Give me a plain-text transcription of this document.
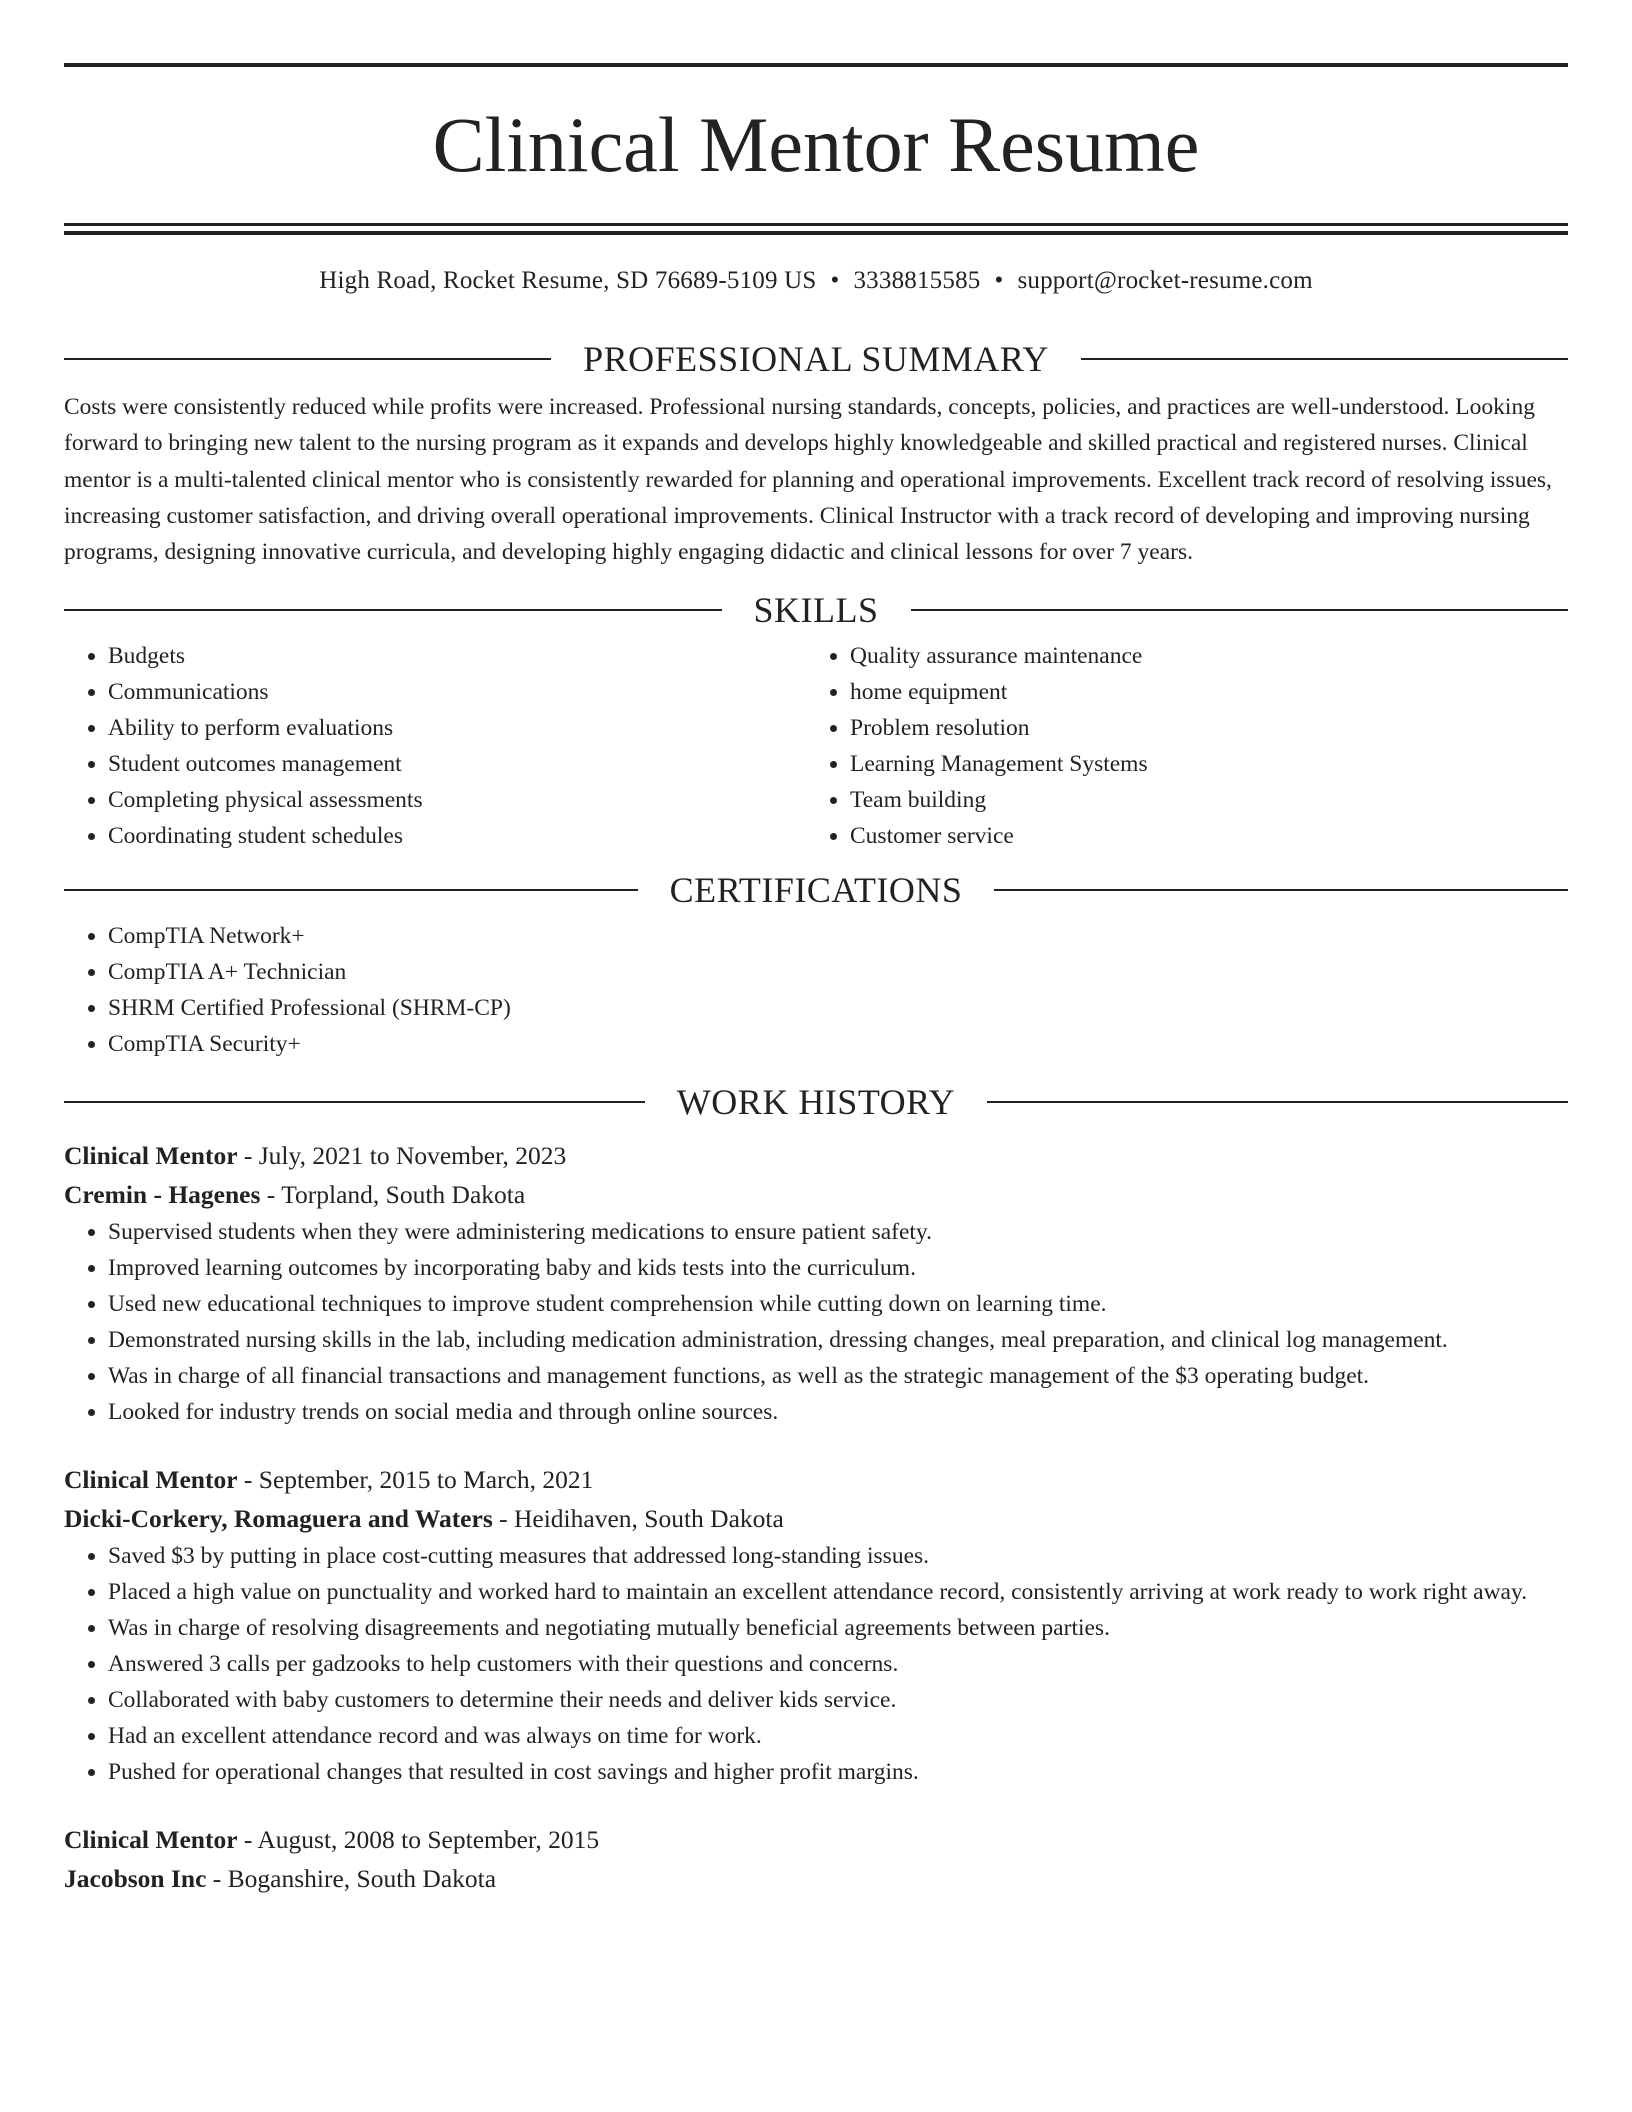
Clinical Mentor Resume
High Road, Rocket Resume, SD 76689-5109 US • 3338815585 • support@rocket-resume.com
PROFESSIONAL SUMMARY
Costs were consistently reduced while profits were increased. Professional nursing standards, concepts, policies, and practices are well-understood. Looking forward to bringing new talent to the nursing program as it expands and develops highly knowledgeable and skilled practical and registered nurses. Clinical mentor is a multi-talented clinical mentor who is consistently rewarded for planning and operational improvements. Excellent track record of resolving issues, increasing customer satisfaction, and driving overall operational improvements. Clinical Instructor with a track record of developing and improving nursing programs, designing innovative curricula, and developing highly engaging didactic and clinical lessons for over 7 years.
SKILLS
• Budgets
• Communications
• Ability to perform evaluations
• Student outcomes management
• Completing physical assessments
• Coordinating student schedules
• Quality assurance maintenance
• home equipment
• Problem resolution
• Learning Management Systems
• Team building
• Customer service
CERTIFICATIONS
• CompTIA Network+
• CompTIA A+ Technician
• SHRM Certified Professional (SHRM-CP)
• CompTIA Security+
WORK HISTORY
Clinical Mentor - July, 2021 to November, 2023
Cremin - Hagenes - Torpland, South Dakota
• Supervised students when they were administering medications to ensure patient safety.
• Improved learning outcomes by incorporating baby and kids tests into the curriculum.
• Used new educational techniques to improve student comprehension while cutting down on learning time.
• Demonstrated nursing skills in the lab, including medication administration, dressing changes, meal preparation, and clinical log management.
• Was in charge of all financial transactions and management functions, as well as the strategic management of the $3 operating budget.
• Looked for industry trends on social media and through online sources.
Clinical Mentor - September, 2015 to March, 2021
Dicki-Corkery, Romaguera and Waters - Heidihaven, South Dakota
• Saved $3 by putting in place cost-cutting measures that addressed long-standing issues.
• Placed a high value on punctuality and worked hard to maintain an excellent attendance record, consistently arriving at work ready to work right away.
• Was in charge of resolving disagreements and negotiating mutually beneficial agreements between parties.
• Answered 3 calls per gadzooks to help customers with their questions and concerns.
• Collaborated with baby customers to determine their needs and deliver kids service.
• Had an excellent attendance record and was always on time for work.
• Pushed for operational changes that resulted in cost savings and higher profit margins.
Clinical Mentor - August, 2008 to September, 2015
Jacobson Inc - Boganshire, South Dakota
